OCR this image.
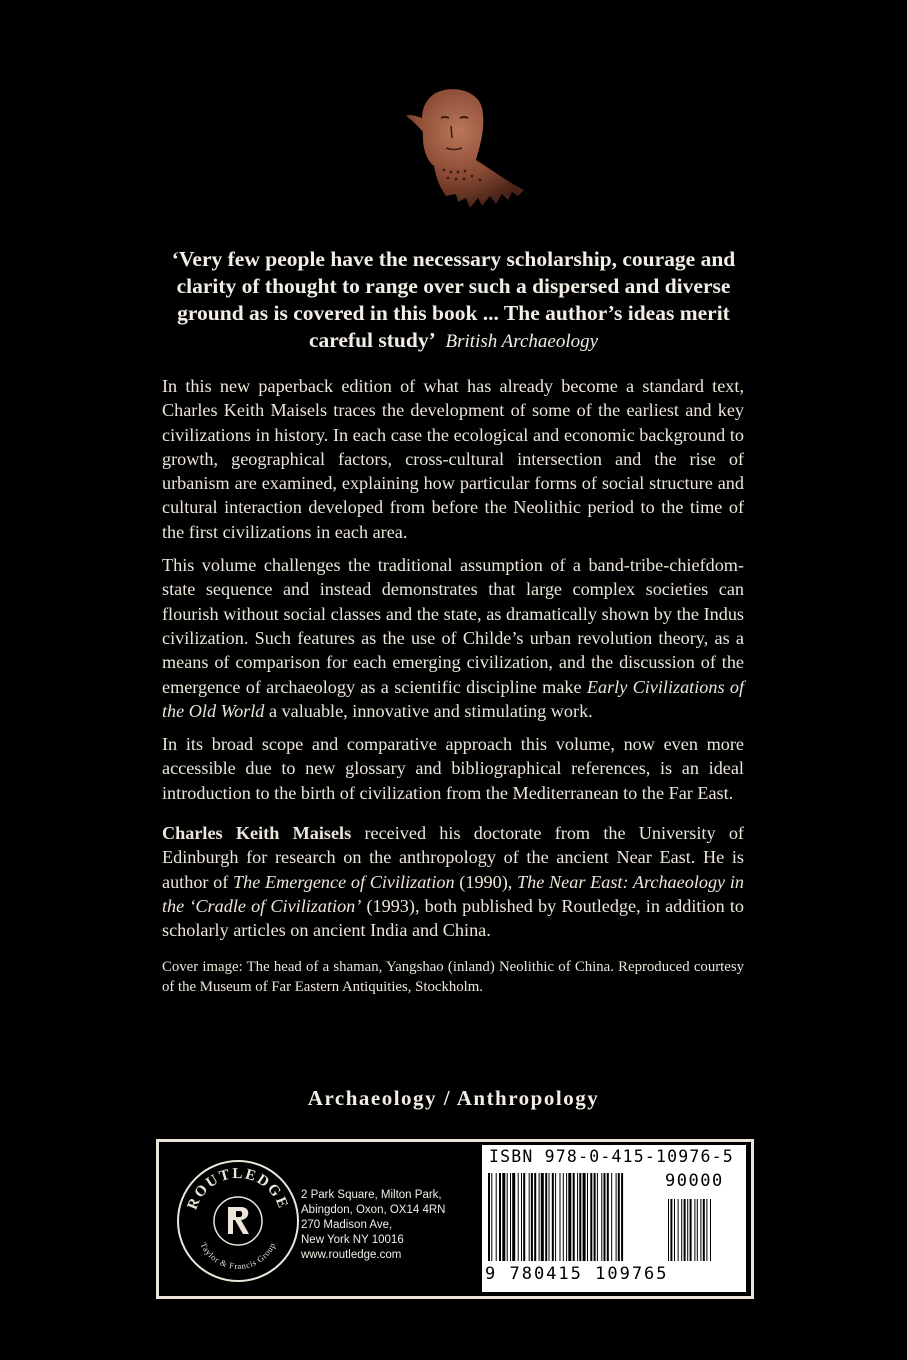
‘Very few people have the necessary scholarship, courage and clarity of thought to range over such a dispersed and diverse ground as is covered in this book ... The author’s ideas merit careful study’ British Archaeology

In this new paperback edition of what has already become a standard text, Charles Keith Maisels traces the development of some of the earliest and key civilizations in history. In each case the ecological and economic background to growth, geographical factors, cross-cultural intersection and the rise of urbanism are examined, explaining how particular forms of social structure and cultural interaction developed from before the Neolithic period to the time of the first civilizations in each area.

This volume challenges the traditional assumption of a band-tribe-chiefdom-state sequence and instead demonstrates that large complex societies can flourish without social classes and the state, as dramatically shown by the Indus civilization. Such features as the use of Childe’s urban revolution theory, as a means of comparison for each emerging civilization, and the discussion of the emergence of archaeology as a scientific discipline make Early Civilizations of the Old World a valuable, innovative and stimulating work.

In its broad scope and comparative approach this volume, now even more accessible due to new glossary and bibliographical references, is an ideal introduction to the birth of civilization from the Mediterranean to the Far East.

Charles Keith Maisels received his doctorate from the University of Edinburgh for research on the anthropology of the ancient Near East. He is author of The Emergence of Civilization (1990), The Near East: Archaeology in the ‘Cradle of Civilization’ (1993), both published by Routledge, in addition to scholarly articles on ancient India and China.

Cover image: The head of a shaman, Yangshao (inland) Neolithic of China. Reproduced courtesy of the Museum of Far Eastern Antiquities, Stockholm.

Archaeology / Anthropology
ROUTLEDGE
Taylor & Francis Group
2 Park Square, Milton Park,
Abingdon, Oxon, OX14 4RN
270 Madison Ave,
New York NY 10016
www.routledge.com
ISBN 978-0-415-10976-5
90000
9 780415 109765
